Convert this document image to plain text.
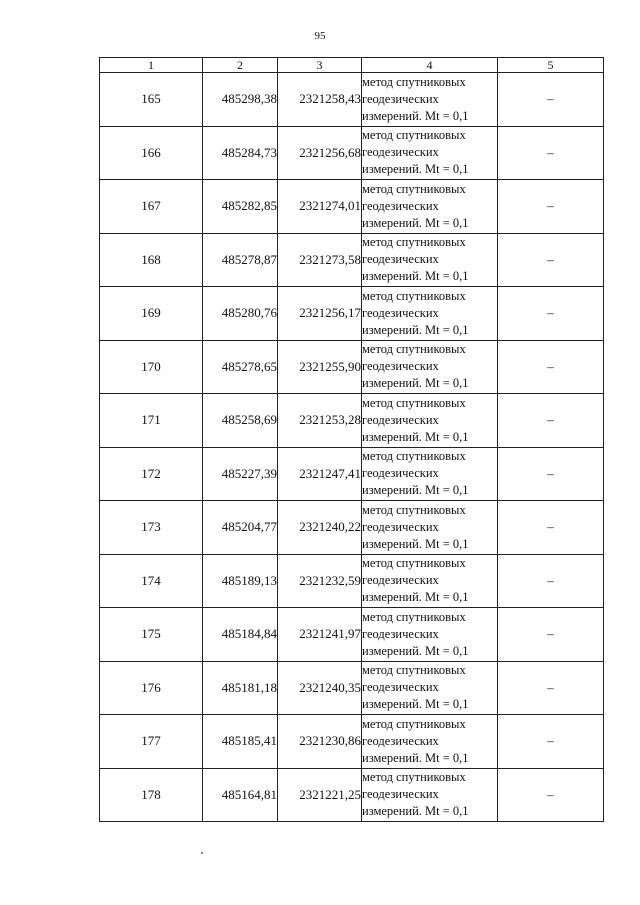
95
1	2	3	4	5
165	485298,38	2321258,43	метод спутниковых
геодезических
измерений. Mt = 0,1	–
166	485284,73	2321256,68	метод спутниковых
геодезических
измерений. Mt = 0,1	–
167	485282,85	2321274,01	метод спутниковых
геодезических
измерений. Mt = 0,1	–
168	485278,87	2321273,58	метод спутниковых
геодезических
измерений. Mt = 0,1	–
169	485280,76	2321256,17	метод спутниковых
геодезических
измерений. Mt = 0,1	–
170	485278,65	2321255,90	метод спутниковых
геодезических
измерений. Mt = 0,1	–
171	485258,69	2321253,28	метод спутниковых
геодезических
измерений. Mt = 0,1	–
172	485227,39	2321247,41	метод спутниковых
геодезических
измерений. Mt = 0,1	–
173	485204,77	2321240,22	метод спутниковых
геодезических
измерений. Mt = 0,1	–
174	485189,13	2321232,59	метод спутниковых
геодезических
измерений. Mt = 0,1	–
175	485184,84	2321241,97	метод спутниковых
геодезических
измерений. Mt = 0,1	–
176	485181,18	2321240,35	метод спутниковых
геодезических
измерений. Mt = 0,1	–
177	485185,41	2321230,86	метод спутниковых
геодезических
измерений. Mt = 0,1	–
178	485164,81	2321221,25	метод спутниковых
геодезических
измерений. Mt = 0,1	–
